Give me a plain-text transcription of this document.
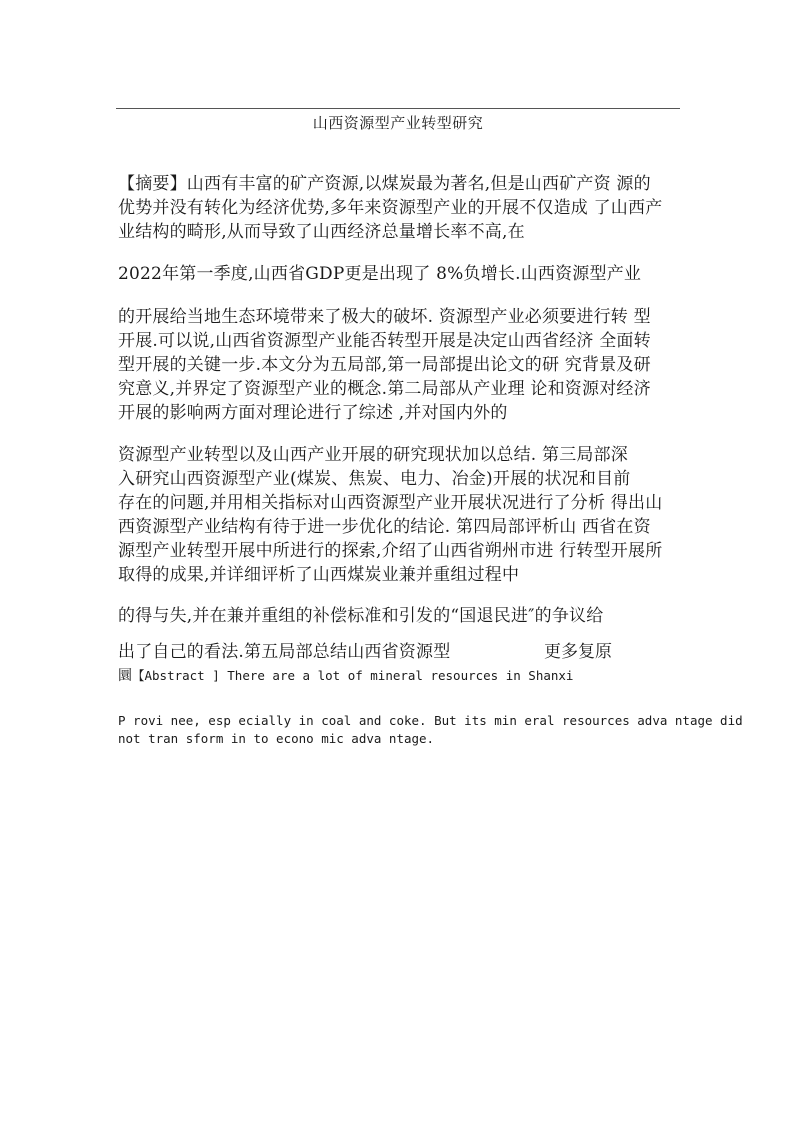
山西资源型产业转型研究
【摘要】山西有丰富的矿产资源,以煤炭最为著名,但是山西矿产资 源的
优势并没有转化为经济优势,多年来资源型产业的开展不仅造成 了山西产
业结构的畸形,从而导致了山西经济总量增长率不高,在
2022年第一季度,山西省GDP更是出现了 8%负增长.山西资源型产业
的开展给当地生态环境带来了极大的破坏. 资源型产业必须要进行转 型
开展.可以说,山西省资源型产业能否转型开展是决定山西省经济 全面转
型开展的关键一步.本文分为五局部,第一局部提出论文的研 究背景及研
究意义,并界定了资源型产业的概念.第二局部从产业理 论和资源对经济
开展的影响两方面对理论进行了综述 ,并对国内外的
资源型产业转型以及山西产业开展的研究现状加以总结. 第三局部深
入研究山西资源型产业(煤炭、焦炭、电力、冶金)开展的状况和目前
存在的问题,并用相关指标对山西资源型产业开展状况进行了分析 得出山
西资源型产业结构有待于进一步优化的结论. 第四局部评析山 西省在资
源型产业转型开展中所进行的探索,介绍了山西省朔州市进 行转型开展所
取得的成果,并详细评析了山西煤炭业兼并重组过程中
的得与失,并在兼并重组的补偿标准和引发的“国退民进″的争议给
出了自己的看法.第五局部总结山西省资源型	更多复原
圜【Abstract ] There are a lot of mineral resources in Shanxi
P rovi nee, esp ecially in coal and coke. But its min eral resources adva ntage did
not tran sform in to econo mic adva ntage.
